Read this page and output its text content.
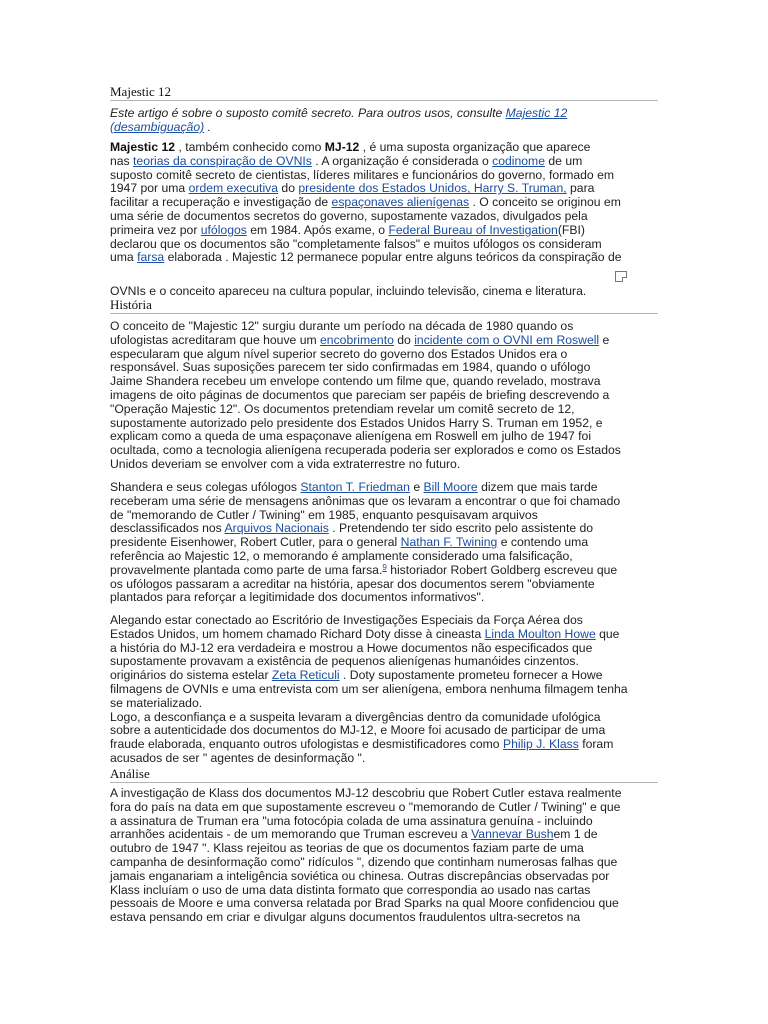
Majestic 12
Este artigo é sobre o suposto comitê secreto. Para outros usos, consulte Majestic 12
(desambiguação) .
Majestic 12 , também conhecido como MJ-12 , é uma suposta organização que aparece
nas teorias da conspiração de OVNIs . A organização é considerada o codinome de um
suposto comitê secreto de cientistas, líderes militares e funcionários do governo, formado em
1947 por uma ordem executiva do presidente dos Estados Unidos, Harry S. Truman, para
facilitar a recuperação e investigação de espaçonaves alienígenas . O conceito se originou em
uma série de documentos secretos do governo, supostamente vazados, divulgados pela
primeira vez por ufólogos em 1984. Após exame, o Federal Bureau of Investigation(FBI)
declarou que os documentos são "completamente falsos" e muitos ufólogos os consideram
uma farsa elaborada . Majestic 12 permanece popular entre alguns teóricos da conspiração de
OVNIs e o conceito apareceu na cultura popular, incluindo televisão, cinema e literatura.
História
O conceito de "Majestic 12" surgiu durante um período na década de 1980 quando os
ufologistas acreditaram que houve um encobrimento do incidente com o OVNI em Roswell e
especularam que algum nível superior secreto do governo dos Estados Unidos era o
responsável. Suas suposições parecem ter sido confirmadas em 1984, quando o ufólogo
Jaime Shandera recebeu um envelope contendo um filme que, quando revelado, mostrava
imagens de oito páginas de documentos que pareciam ser papéis de briefing descrevendo a
"Operação Majestic 12". Os documentos pretendiam revelar um comitê secreto de 12,
supostamente autorizado pelo presidente dos Estados Unidos Harry S. Truman em 1952, e
explicam como a queda de uma espaçonave alienígena em Roswell em julho de 1947 foi
ocultada, como a tecnologia alienígena recuperada poderia ser explorados e como os Estados
Unidos deveriam se envolver com a vida extraterrestre no futuro.
Shandera e seus colegas ufólogos Stanton T. Friedman e Bill Moore dizem que mais tarde
receberam uma série de mensagens anônimas que os levaram a encontrar o que foi chamado
de "memorando de Cutler / Twining" em 1985, enquanto pesquisavam arquivos
desclassificados nos Arquivos Nacionais . Pretendendo ter sido escrito pelo assistente do
presidente Eisenhower, Robert Cutler, para o general Nathan F. Twining e contendo uma
referência ao Majestic 12, o memorando é amplamente considerado uma falsificação,
provavelmente plantada como parte de uma farsa.$^9$ historiador Robert Goldberg escreveu que
os ufólogos passaram a acreditar na história, apesar dos documentos serem "obviamente
plantados para reforçar a legitimidade dos documentos informativos".
Alegando estar conectado ao Escritório de Investigações Especiais da Força Aérea dos
Estados Unidos, um homem chamado Richard Doty disse à cineasta Linda Moulton Howe que
a história do MJ-12 era verdadeira e mostrou a Howe documentos não especificados que
supostamente provavam a existência de pequenos alienígenas humanóides cinzentos.
originários do sistema estelar Zeta Reticuli . Doty supostamente prometeu fornecer a Howe
filmagens de OVNIs e uma entrevista com um ser alienígena, embora nenhuma filmagem tenha
se materializado.
Logo, a desconfiança e a suspeita levaram a divergências dentro da comunidade ufológica
sobre a autenticidade dos documentos do MJ-12, e Moore foi acusado de participar de uma
fraude elaborada, enquanto outros ufologistas e desmistificadores como Philip J. Klass foram
acusados de ser " agentes de desinformação ".
Análise
A investigação de Klass dos documentos MJ-12 descobriu que Robert Cutler estava realmente
fora do país na data em que supostamente escreveu o "memorando de Cutler / Twining" e que
a assinatura de Truman era "uma fotocópia colada de uma assinatura genuína - incluindo
arranhões acidentais - de um memorando que Truman escreveu a Vannevar Bushem 1 de
outubro de 1947 ". Klass rejeitou as teorias de que os documentos faziam parte de uma
campanha de desinformação como" ridículos ", dizendo que continham numerosas falhas que
jamais enganariam a inteligência soviética ou chinesa. Outras discrepâncias observadas por
Klass incluíam o uso de uma data distinta formato que correspondia ao usado nas cartas
pessoais de Moore e uma conversa relatada por Brad Sparks na qual Moore confidenciou que
estava pensando em criar e divulgar alguns documentos fraudulentos ultra-secretos na
